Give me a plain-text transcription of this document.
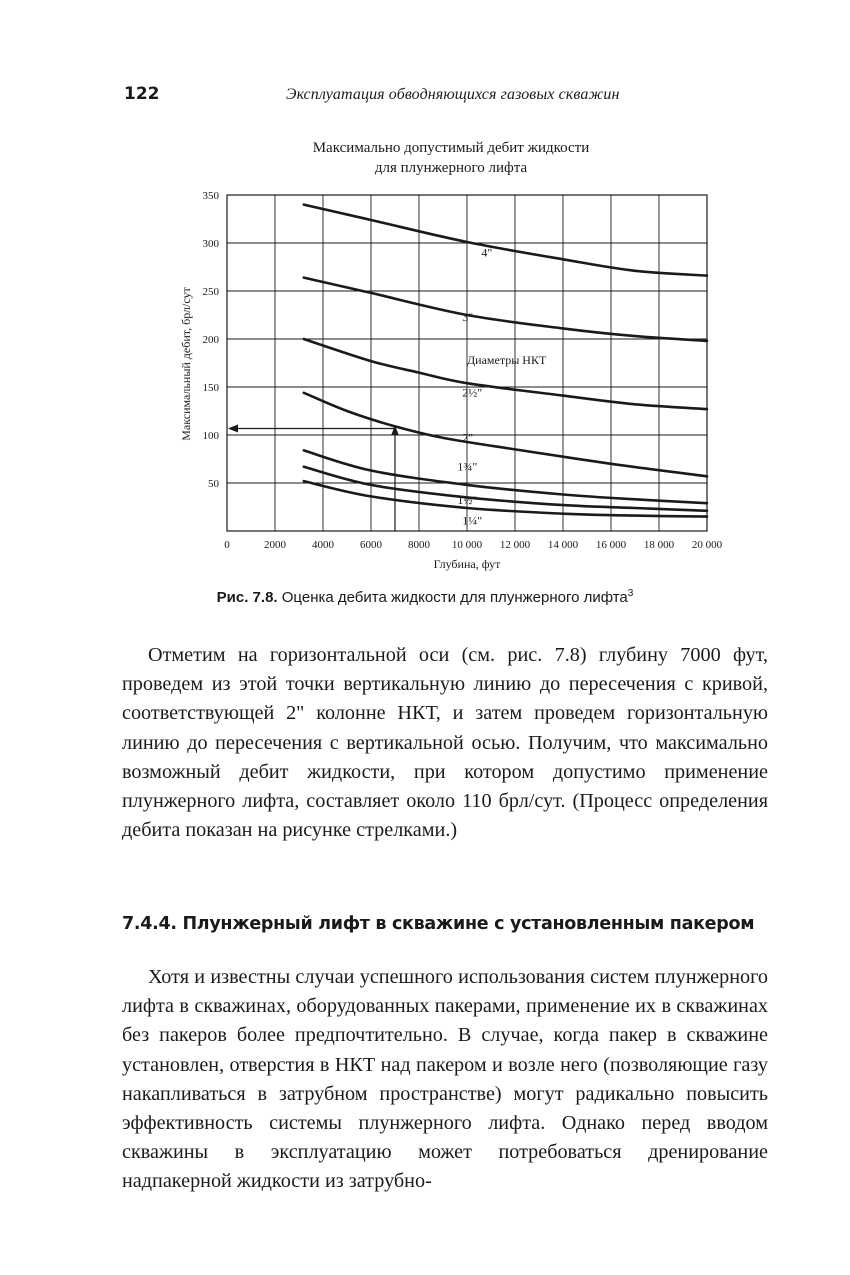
122	Эксплуатация обводняющихся газовых скважин
Максимально допустимый дебит жидкости
для плунжерного лифта
0	2000 4000 6000 8000 10 000 12 000 14 000 16 000 18 000 20 000
50
100
150
200
250
300
350
4"
3"
2½"
2"
1¾"
1½"
1¼"
Диаметры НКТ
Глубина, фут
Максимальный дебит, брл/сут
Рис. 7.8. Оценка дебита жидкости для плунжерного лифта$^3$

Отметим на горизонтальной оси (см. рис. 7.8) глубину 7000 фут, проведем из этой точки вертикальную линию до пересечения с кривой, соответствующей 2" колонне НКТ, и затем проведем горизонтальную линию до пересечения с вертикальной осью. Получим, что максимально возможный дебит жидкости, при котором допустимо применение плунжерного лифта, составляет около 110 брл/сут. (Процесс определения дебита показан на рисунке стрелками.)

7.4.4. Плунжерный лифт в скважине с установленным пакером

Хотя и известны случаи успешного использования систем плунжерного лифта в скважинах, оборудованных пакерами, применение их в скважинах без пакеров более предпочтительно. В случае, когда пакер в скважине установлен, отверстия в НКТ над пакером и возле него (позволяющие газу накапливаться в затрубном пространстве) могут радикально повысить эффективность системы плунжерного лифта. Однако перед вводом скважины в эксплуатацию может потребоваться дренирование надпакерной жидкости из затрубно-
